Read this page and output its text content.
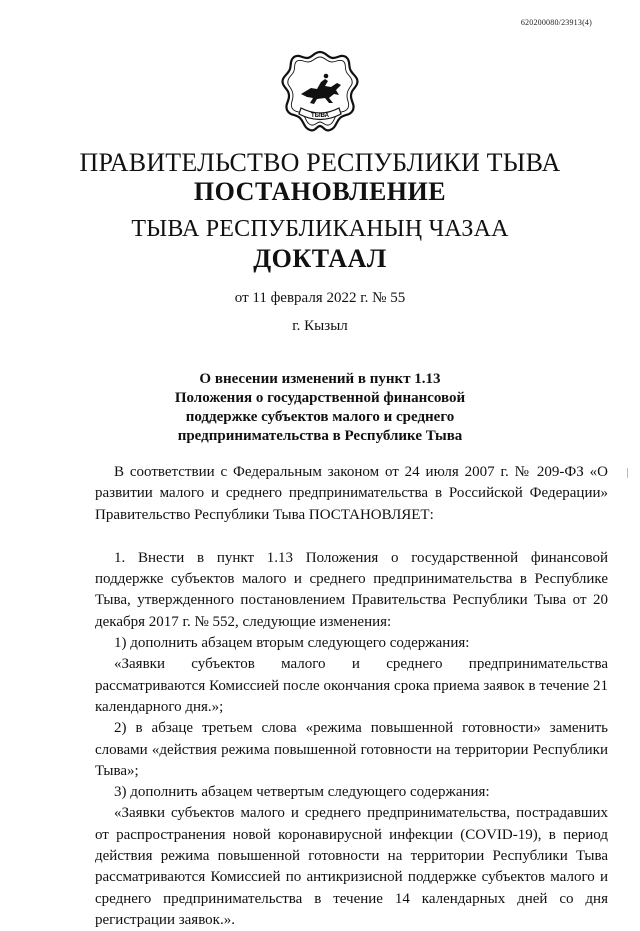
620200080/23913(4)
ТЫВА
ПРАВИТЕЛЬСТВО РЕСПУБЛИКИ ТЫВА
ПОСТАНОВЛЕНИЕ
ТЫВА РЕСПУБЛИКАНЫҢ ЧАЗАА
ДОКТААЛ
от 11 февраля 2022 г. № 55
г. Кызыл
О внесении изменений в пункт 1.13
Положения о государственной финансовой
поддержке субъектов малого и среднего
предпринимательства в Республике Тыва

В соответствии с Федеральным законом от 24 июля 2007 г. № 209-ФЗ «О развитии малого и среднего предпринимательства в Российской Федерации» Правительство Республики Тыва ПОСТАНОВЛЯЕТ:

1. Внести в пункт 1.13 Положения о государственной финансовой поддержке субъектов малого и среднего предпринимательства в Республике Тыва, утвержденного постановлением Правительства Республики Тыва от 20 декабря 2017 г. № 552, следующие изменения:

1) дополнить абзацем вторым следующего содержания:

«Заявки субъектов малого и среднего предпринимательства рассматриваются Комиссией после окончания срока приема заявок в течение 21 календарного дня.»;

2) в абзаце третьем слова «режима повышенной готовности» заменить словами «действия режима повышенной готовности на территории Республики Тыва»;

3) дополнить абзацем четвертым следующего содержания:

«Заявки субъектов малого и среднего предпринимательства, пострадавших от распространения новой коронавирусной инфекции (COVID-19), в период действия режима повышенной готовности на территории Республики Тыва рассматриваются Комиссией по антикризисной поддержке субъектов малого и среднего предпринимательства в течение 14 календарных дней со дня регистрации заявок.».
